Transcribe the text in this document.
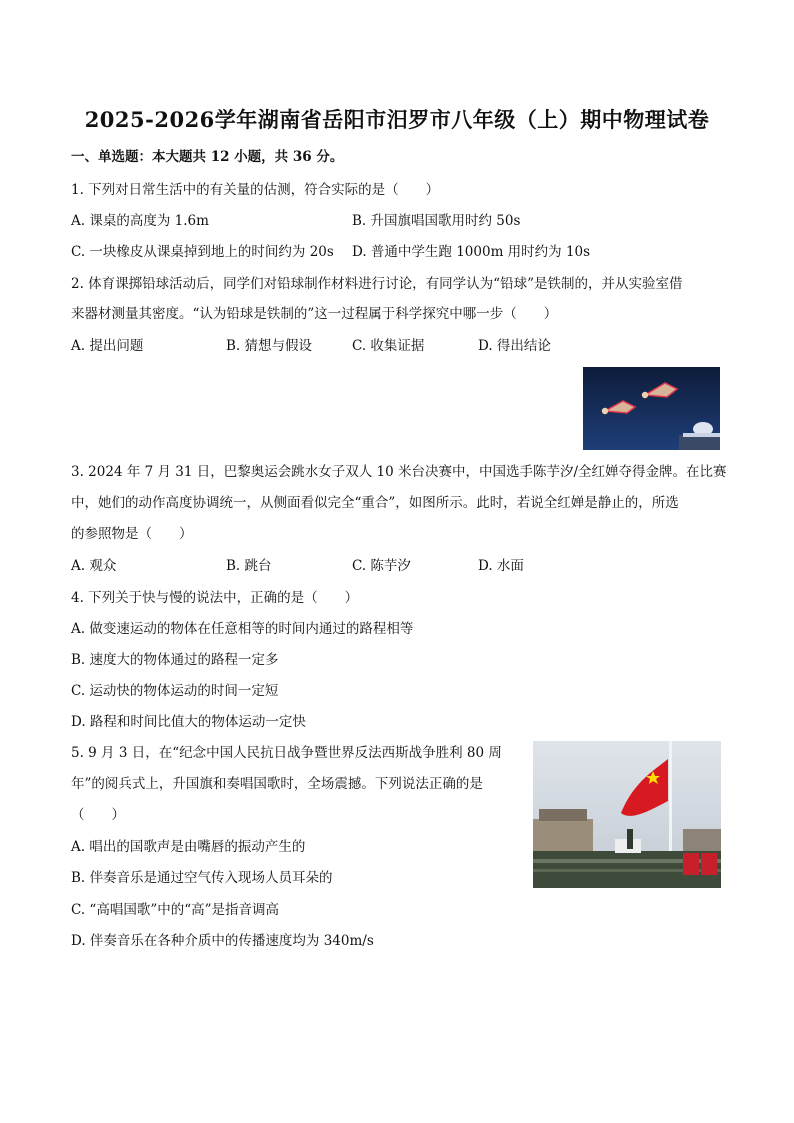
2025-2026学年湖南省岳阳市汨罗市八年级（上）期中物理试卷
一、单选题：本大题共 12 小题，共 36 分。
1. 下列对日常生活中的有关量的估测，符合实际的是（　　）
A. 课桌的高度为 1.6m	B. 升国旗唱国歌用时约 50s
C. 一块橡皮从课桌掉到地上的时间约为 20s D. 普通中学生跑 1000m 用时约为 10s
2. 体育课掷铅球活动后，同学们对铅球制作材料进行讨论，有同学认为“铅球”是铁制的，并从实验室借
来器材测量其密度。“认为铅球是铁制的”这一过程属于科学探究中哪一步（　　）
A. 提出问题	B. 猜想与假设	C. 收集证据	D. 得出结论
3. 2024 年 7 月 31 日，巴黎奥运会跳水女子双人 10 米台决赛中，中国选手陈芋汐/全红婵夺得金牌。在比赛
中，她们的动作高度协调统一，从侧面看似完全“重合”，如图所示。此时，若说全红婵是静止的，所选
的参照物是（　　）
A. 观众	B. 跳台	C. 陈芋汐	D. 水面
4. 下列关于快与慢的说法中，正确的是（　　）
A. 做变速运动的物体在任意相等的时间内通过的路程相等
B. 速度大的物体通过的路程一定多
C. 运动快的物体运动的时间一定短
D. 路程和时间比值大的物体运动一定快
5. 9 月 3 日，在“纪念中国人民抗日战争暨世界反法西斯战争胜利 80 周
年”的阅兵式上，升国旗和奏唱国歌时，全场震撼。下列说法正确的是
（　　）
A. 唱出的国歌声是由嘴唇的振动产生的
B. 伴奏音乐是通过空气传入现场人员耳朵的
C. “高唱国歌”中的“高”是指音调高
D. 伴奏音乐在各种介质中的传播速度均为 340m/s
